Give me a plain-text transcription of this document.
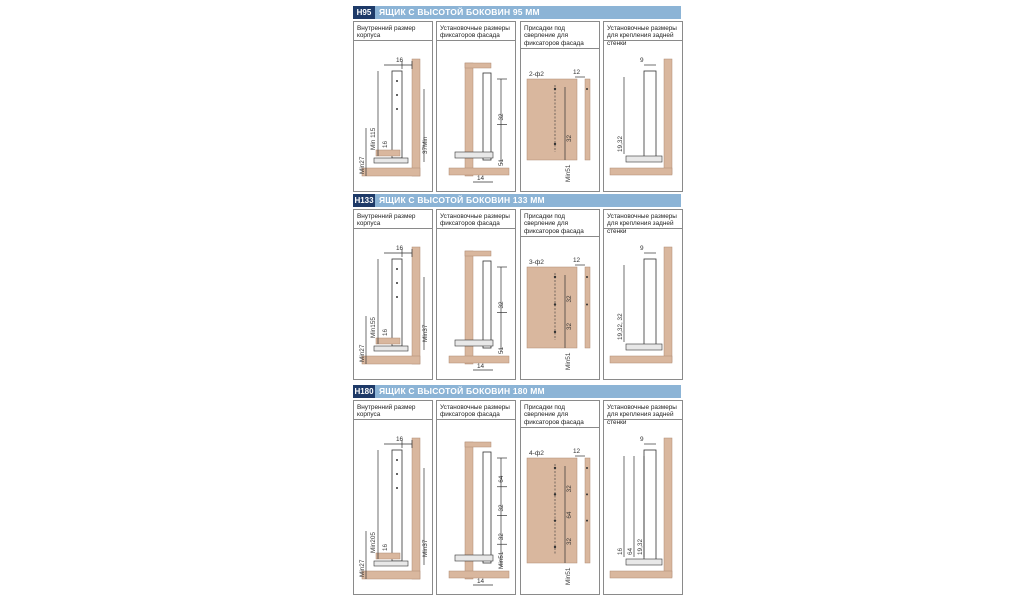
H95 ЯЩИК С ВЫСОТОЙ БОКОВИН 95 ММ
Внутренний размер корпуса
16
Min 115 16	37Min
Min27
Установочные размеры фиксаторов фасада
32
51
14
Присадки под сверление для фиксаторов фасада
2-ф2	12
32
Min51
Установочные размеры для крепления задней стенки
9
19,32
H133 ЯЩИК С ВЫСОТОЙ БОКОВИН 133 ММ
Внутренний размер корпуса
16
Min155 16	Min37
Min27
Установочные размеры фиксаторов фасада
32
51
14
Присадки под сверление для фиксаторов фасада
3-ф2	12
32
32
Min51
Установочные размеры для крепления задней стенки
9
19,32, 32
H180 ЯЩИК С ВЫСОТОЙ БОКОВИН 180 ММ
Внутренний размер корпуса
16
Min205 16	Min37
Min27
Установочные размеры фиксаторов фасада
64
32
32
Min51
14
Присадки под сверление для фиксаторов фасада
4-ф2	12
32
64
32
Min51
Установочные размеры для крепления задней стенки
9
16 64 19,32
